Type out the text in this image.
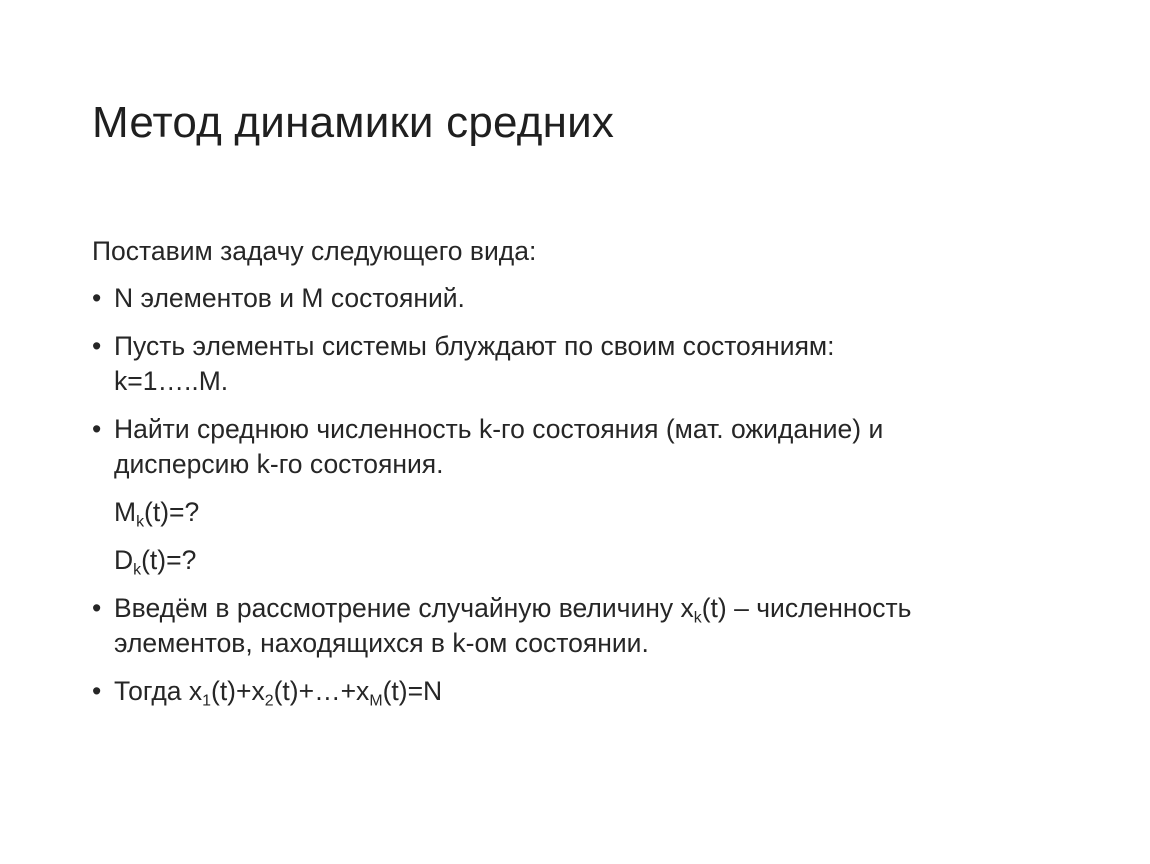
Метод динамики средних
Поставим задачу следующего вида:
• N элементов и M состояний.
• Пусть элементы системы блуждают по своим состояниям:
k=1…..M.
• Найти среднюю численность k-го состояния (мат. ожидание) и
дисперсию k-го состояния.
$M_k(t)=$?
$D_k(t)=$?
• Введём в рассмотрение случайную величину $x_k(t)$ – численность
элементов, находящихся в k-ом состоянии.
• Тогда $x_1(t)+x_2(t)+\dots+x_M(t)=N$
